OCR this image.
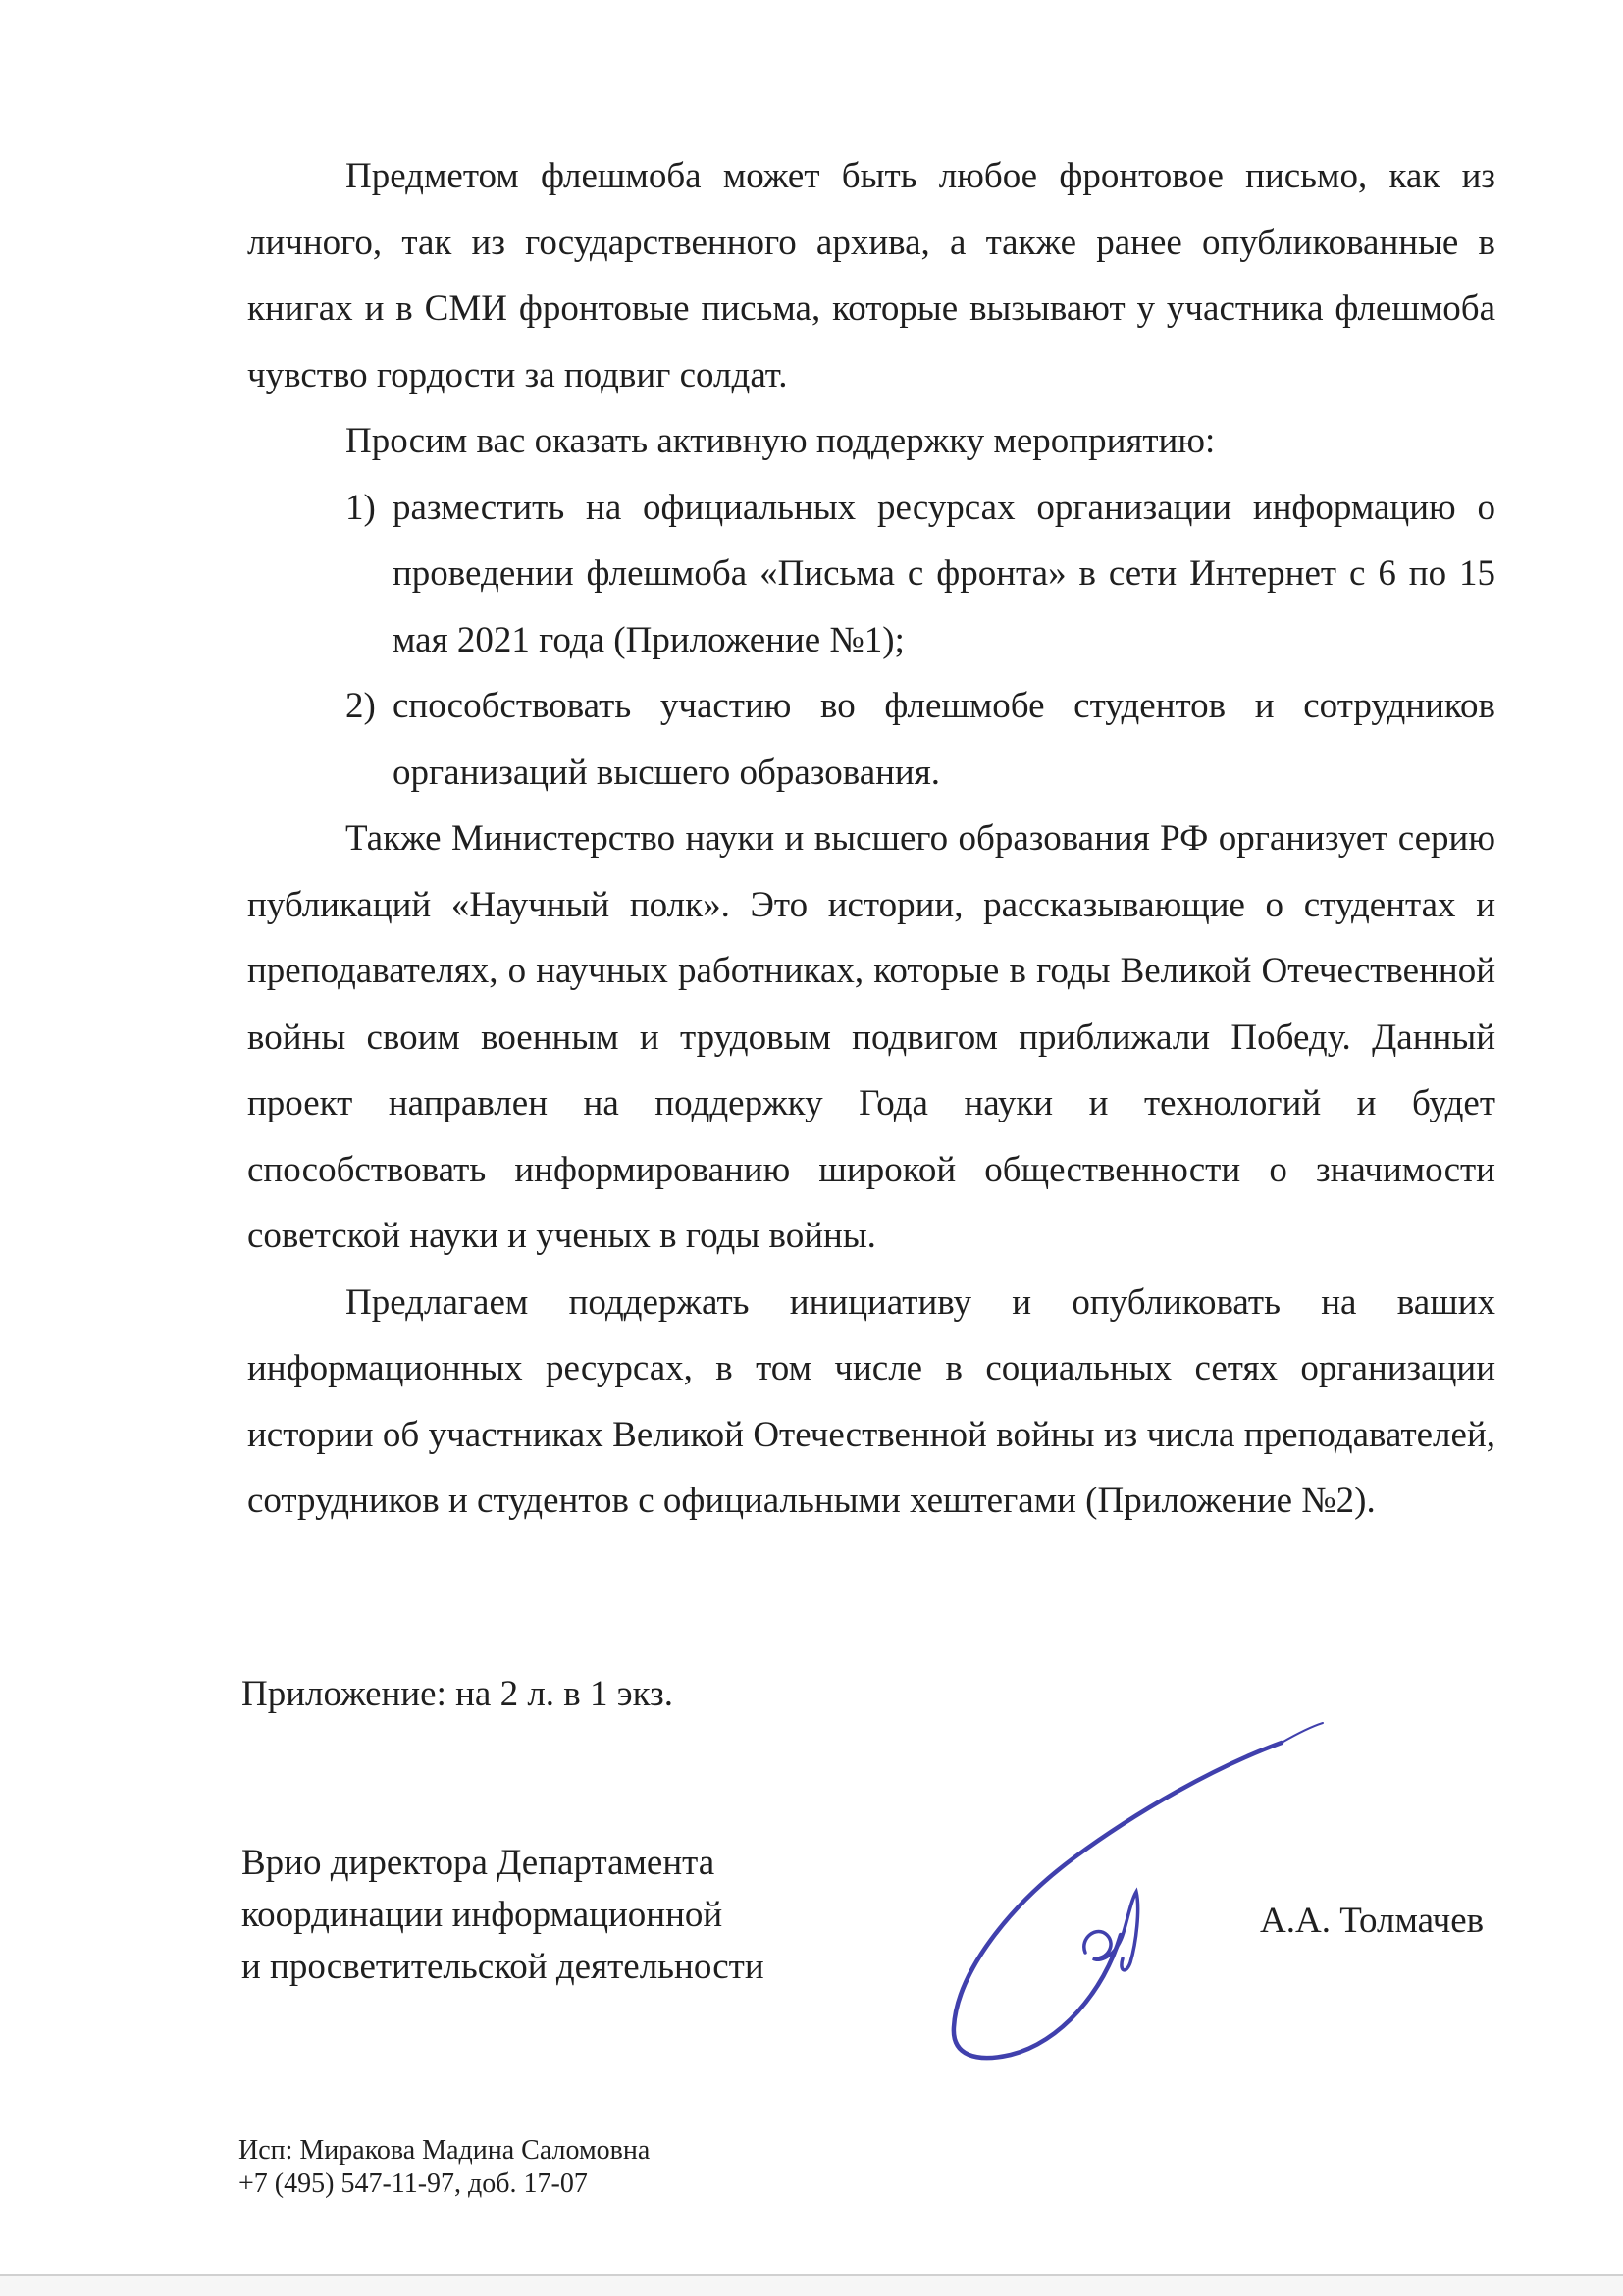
Предметом флешмоба может быть любое фронтовое письмо, как из личного, так из государственного архива, а также ранее опубликованные в книгах и в СМИ фронтовые письма, которые вызывают у участника флешмоба чувство гордости за подвиг солдат.
Просим вас оказать активную поддержку мероприятию:
1) разместить на официальных ресурсах организации информацию о проведении флешмоба «Письма с фронта» в сети Интернет с 6 по 15 мая 2021 года (Приложение №1);
2) способствовать участию во флешмобе студентов и сотрудников организаций высшего образования.
Также Министерство науки и высшего образования РФ организует серию публикаций «Научный полк». Это истории, рассказывающие о студентах и преподавателях, о научных работниках, которые в годы Великой Отечественной войны своим военным и трудовым подвигом приближали Победу. Данный проект направлен на поддержку Года науки и технологий и будет способствовать информированию широкой общественности о значимости советской науки и ученых в годы войны.
Предлагаем поддержать инициативу и опубликовать на ваших информационных ресурсах, в том числе в социальных сетях организации истории об участниках Великой Отечественной войны из числа преподавателей, сотрудников и студентов с официальными хештегами (Приложение №2).
Приложение: на 2 л. в 1 экз.
Врио директора Департамента
координации информационной
и просветительской деятельности
А.А. Толмачев
Исп: Миракова Мадина Саломовна
+7 (495) 547-11-97, доб. 17-07
